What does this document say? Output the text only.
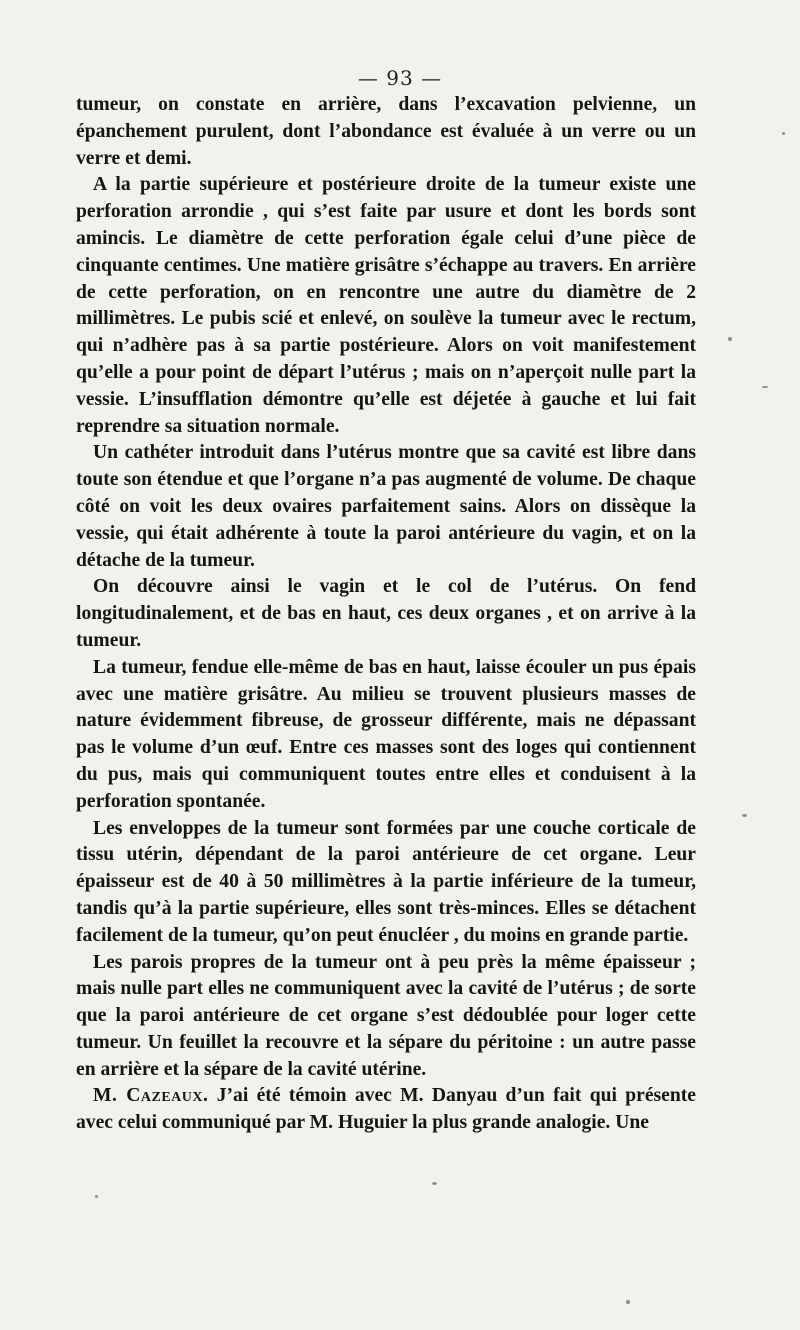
— 93 —

tumeur, on constate en arrière, dans l’excavation pelvienne, un épanchement purulent, dont l’abondance est évaluée à un verre ou un verre et demi.

A la partie supérieure et postérieure droite de la tumeur existe une perforation arrondie , qui s’est faite par usure et dont les bords sont amincis. Le diamètre de cette perforation égale celui d’une pièce de cinquante centimes. Une matière grisâtre s’échappe au travers. En arrière de cette perforation, on en rencontre une autre du diamètre de 2 millimètres. Le pubis scié et enlevé, on soulève la tumeur avec le rectum, qui n’adhère pas à sa partie postérieure. Alors on voit manifestement qu’elle a pour point de départ l’utérus ; mais on n’aperçoit nulle part la vessie. L’insufflation démontre qu’elle est déjetée à gauche et lui fait reprendre sa situation normale.

Un cathéter introduit dans l’utérus montre que sa cavité est libre dans toute son étendue et que l’organe n’a pas augmenté de volume. De chaque côté on voit les deux ovaires parfaitement sains. Alors on dissèque la vessie, qui était adhérente à toute la paroi antérieure du vagin, et on la détache de la tumeur.

On découvre ainsi le vagin et le col de l’utérus. On fend longitudinalement, et de bas en haut, ces deux organes , et on arrive à la tumeur.

La tumeur, fendue elle-même de bas en haut, laisse écouler un pus épais avec une matière grisâtre. Au milieu se trouvent plusieurs masses de nature évidemment fibreuse, de grosseur différente, mais ne dépassant pas le volume d’un œuf. Entre ces masses sont des loges qui contiennent du pus, mais qui communiquent toutes entre elles et conduisent à la perforation spontanée.

Les enveloppes de la tumeur sont formées par une couche corticale de tissu utérin, dépendant de la paroi antérieure de cet organe. Leur épaisseur est de 40 à 50 millimètres à la partie inférieure de la tumeur, tandis qu’à la partie supérieure, elles sont très-minces. Elles se détachent facilement de la tumeur, qu’on peut énucléer , du moins en grande partie.

Les parois propres de la tumeur ont à peu près la même épaisseur ; mais nulle part elles ne communiquent avec la cavité de l’utérus ; de sorte que la paroi antérieure de cet organe s’est dédoublée pour loger cette tumeur. Un feuillet la recouvre et la sépare du péritoine : un autre passe en arrière et la sépare de la cavité utérine.

M. Cazeaux. J’ai été témoin avec M. Danyau d’un fait qui présente avec celui communiqué par M. Huguier la plus grande analogie. Une
